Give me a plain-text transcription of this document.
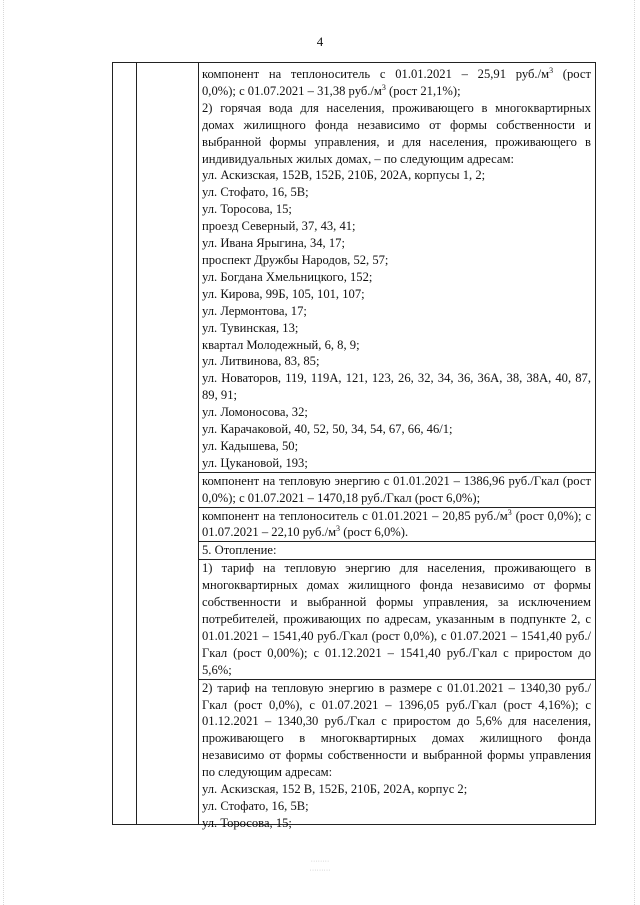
4

компонент на теплоноситель с 01.01.2021 – 25,91 $руб./м^3$ (рост

0,0%); с 01.07.2021 – 31,38 $руб./м^3$ (рост 21,1%);

2) горячая вода для населения, проживающего в многоквартирных домах жилищного фонда независимо от формы собственности и выбранной формы управления, и для населения, проживающего в индивидуальных жилых домах, – по следующим адресам:

ул. Аскизская, 152В, 152Б, 210Б, 202А, корпусы 1, 2;

ул. Стофато, 16, 5В;

ул. Торосова, 15;

проезд Северный, 37, 43, 41;

ул. Ивана Ярыгина, 34, 17;

проспект Дружбы Народов, 52, 57;

ул. Богдана Хмельницкого, 152;

ул. Кирова, 99Б, 105, 101, 107;

ул. Лермонтова, 17;

ул. Тувинская, 13;

квартал Молодежный, 6, 8, 9;

ул. Литвинова, 83, 85;

ул. Новаторов, 119, 119А, 121, 123, 26, 32, 34, 36, 36А, 38, 38А, 40, 87, 89, 91;

ул. Ломоносова, 32;

ул. Карачаковой, 40, 52, 50, 34, 54, 67, 66, 46/1;

ул. Кадышева, 50;

ул. Цукановой, 193;

компонент на тепловую энергию с 01.01.2021 – 1386,96 руб./Гкал (рост 0,0%); с 01.07.2021 – 1470,18 руб./Гкал (рост 6,0%);

компонент на теплоноситель с 01.01.2021 – 20,85 $руб./м^3$ (рост 0,0%); с 01.07.2021 – 22,10 $руб./м^3$ (рост 6,0%).

5. Отопление:

1) тариф на тепловую энергию для населения, проживающего в многоквартирных домах жилищного фонда независимо от формы собственности и выбранной формы управления, за исключением потребителей, проживающих по адресам, указанным в подпункте 2, с 01.01.2021 – 1541,40 руб./Гкал (рост 0,0%), с 01.07.2021 – 1541,40 руб./Гкал (рост 0,00%); с 01.12.2021 – 1541,40 руб./Гкал с приростом до 5,6%;

2) тариф на тепловую энергию в размере с 01.01.2021 – 1340,30 руб./Гкал (рост 0,0%), с 01.07.2021 – 1396,05 руб./Гкал (рост 4,16%); с 01.12.2021 – 1340,30 руб./Гкал с приростом до 5,6% для населения, проживающего в многоквартирных домах жилищного фонда независимо от формы собственности и выбранной формы управления по следующим адресам:

ул. Аскизская, 152 В, 152Б, 210Б, 202А, корпус 2;

ул. Стофато, 16, 5В;

ул. Торосова, 15;

········
·········
